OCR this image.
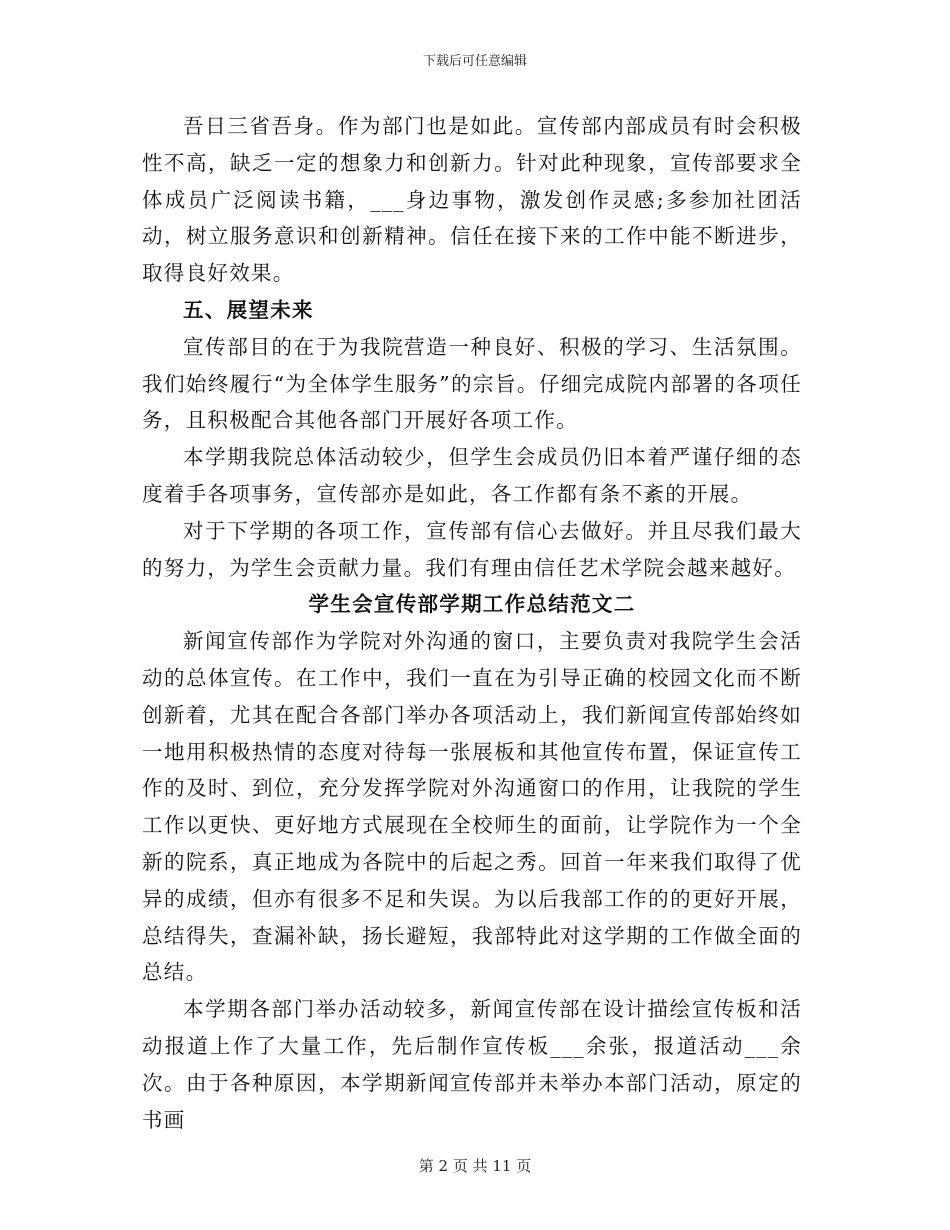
下载后可任意编辑

吾日三省吾身。作为部门也是如此。宣传部内部成员有时会积极性不高，缺乏一定的想象力和创新力。针对此种现象，宣传部要求全体成员广泛阅读书籍，___身边事物，激发创作灵感;多参加社团活动，树立服务意识和创新精神。信任在接下来的工作中能不断进步，取得良好效果。

五、展望未来

宣传部目的在于为我院营造一种良好、积极的学习、生活氛围。我们始终履行“为全体学生服务”的宗旨。仔细完成院内部署的各项任务，且积极配合其他各部门开展好各项工作。

本学期我院总体活动较少，但学生会成员仍旧本着严谨仔细的态度着手各项事务，宣传部亦是如此，各工作都有条不紊的开展。

对于下学期的各项工作，宣传部有信心去做好。并且尽我们最大的努力，为学生会贡献力量。我们有理由信任艺术学院会越来越好。

学生会宣传部学期工作总结范文二

新闻宣传部作为学院对外沟通的窗口，主要负责对我院学生会活动的总体宣传。在工作中，我们一直在为引导正确的校园文化而不断创新着，尤其在配合各部门举办各项活动上，我们新闻宣传部始终如一地用积极热情的态度对待每一张展板和其他宣传布置，保证宣传工作的及时、到位，充分发挥学院对外沟通窗口的作用，让我院的学生工作以更快、更好地方式展现在全校师生的面前，让学院作为一个全新的院系，真正地成为各院中的后起之秀。回首一年来我们取得了优异的成绩，但亦有很多不足和失误。为以后我部工作的的更好开展，总结得失，查漏补缺，扬长避短，我部特此对这学期的工作做全面的总结。

本学期各部门举办活动较多，新闻宣传部在设计描绘宣传板和活动报道上作了大量工作，先后制作宣传板___余张，报道活动___余次。由于各种原因，本学期新闻宣传部并未举办本部门活动，原定的书画

第 2 页 共 11 页
